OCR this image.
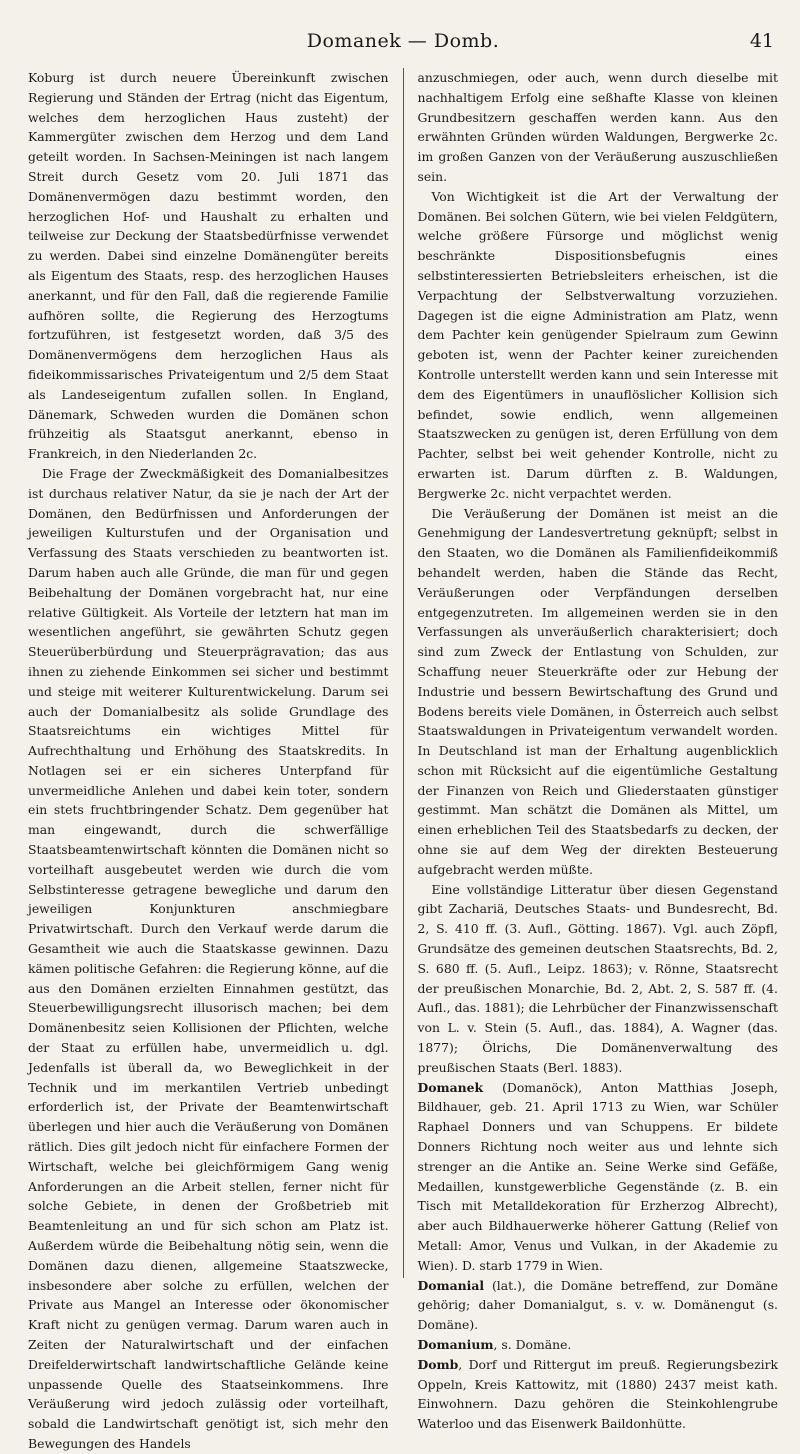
Domanek — Domb.	41

Koburg ist durch neuere Übereinkunft zwischen Regierung und Ständen der Ertrag (nicht das Eigentum, welches dem herzoglichen Haus zusteht) der Kammergüter zwischen dem Herzog und dem Land geteilt worden. In Sachsen-Meiningen ist nach langem Streit durch Gesetz vom 20. Juli 1871 das Domänenvermögen dazu bestimmt worden, den herzoglichen Hof- und Haushalt zu erhalten und teilweise zur Deckung der Staatsbedürfnisse verwendet zu werden. Dabei sind einzelne Domänengüter bereits als Eigentum des Staats, resp. des herzoglichen Hauses anerkannt, und für den Fall, daß die regierende Familie aufhören sollte, die Regierung des Herzogtums fortzuführen, ist festgesetzt worden, daß 3/5 des Domänenvermögens dem herzoglichen Haus als fideikommissarisches Privateigentum und 2/5 dem Staat als Landeseigentum zufallen sollen. In England, Dänemark, Schweden wurden die Domänen schon frühzeitig als Staatsgut anerkannt, ebenso in Frankreich, in den Niederlanden 2c.

Die Frage der Zweckmäßigkeit des Domanialbesitzes ist durchaus relativer Natur, da sie je nach der Art der Domänen, den Bedürfnissen und Anforderungen der jeweiligen Kulturstufen und der Organisation und Verfassung des Staats verschieden zu beantworten ist. Darum haben auch alle Gründe, die man für und gegen Beibehaltung der Domänen vorgebracht hat, nur eine relative Gültigkeit. Als Vorteile der letztern hat man im wesentlichen angeführt, sie gewährten Schutz gegen Steuerüberbürdung und Steuerprägravation; das aus ihnen zu ziehende Einkommen sei sicher und bestimmt und steige mit weiterer Kulturentwickelung. Darum sei auch der Domanialbesitz als solide Grundlage des Staatsreichtums ein wichtiges Mittel für Aufrechthaltung und Erhöhung des Staatskredits. In Notlagen sei er ein sicheres Unterpfand für unvermeidliche Anlehen und dabei kein toter, sondern ein stets fruchtbringender Schatz. Dem gegenüber hat man eingewandt, durch die schwerfällige Staatsbeamtenwirtschaft könnten die Domänen nicht so vorteilhaft ausgebeutet werden wie durch die vom Selbstinteresse getragene bewegliche und darum den jeweiligen Konjunkturen anschmiegbare Privatwirtschaft. Durch den Verkauf werde darum die Gesamtheit wie auch die Staatskasse gewinnen. Dazu kämen politische Gefahren: die Regierung könne, auf die aus den Domänen erzielten Einnahmen gestützt, das Steuerbewilligungsrecht illusorisch machen; bei dem Domänenbesitz seien Kollisionen der Pflichten, welche der Staat zu erfüllen habe, unvermeidlich u. dgl. Jedenfalls ist überall da, wo Beweglichkeit in der Technik und im merkantilen Vertrieb unbedingt erforderlich ist, der Private der Beamtenwirtschaft überlegen und hier auch die Veräußerung von Domänen rätlich. Dies gilt jedoch nicht für einfachere Formen der Wirtschaft, welche bei gleichförmigem Gang wenig Anforderungen an die Arbeit stellen, ferner nicht für solche Gebiete, in denen der Großbetrieb mit Beamtenleitung an und für sich schon am Platz ist. Außerdem würde die Beibehaltung nötig sein, wenn die Domänen dazu dienen, allgemeine Staatszwecke, insbesondere aber solche zu erfüllen, welchen der Private aus Mangel an Interesse oder ökonomischer Kraft nicht zu genügen vermag. Darum waren auch in Zeiten der Naturalwirtschaft und der einfachen Dreifelderwirtschaft landwirtschaftliche Gelände keine unpassende Quelle des Staatseinkommens. Ihre Veräußerung wird jedoch zulässig oder vorteilhaft, sobald die Landwirtschaft genötigt ist, sich mehr den Bewegungen des Handels

anzuschmiegen, oder auch, wenn durch dieselbe mit nachhaltigem Erfolg eine seßhafte Klasse von kleinen Grundbesitzern geschaffen werden kann. Aus den erwähnten Gründen würden Waldungen, Bergwerke 2c. im großen Ganzen von der Veräußerung auszuschließen sein.

Von Wichtigkeit ist die Art der Verwaltung der Domänen. Bei solchen Gütern, wie bei vielen Feldgütern, welche größere Fürsorge und möglichst wenig beschränkte Dispositionsbefugnis eines selbstinteressierten Betriebsleiters erheischen, ist die Verpachtung der Selbstverwaltung vorzuziehen. Dagegen ist die eigne Administration am Platz, wenn dem Pachter kein genügender Spielraum zum Gewinn geboten ist, wenn der Pachter keiner zureichenden Kontrolle unterstellt werden kann und sein Interesse mit dem des Eigentümers in unauflöslicher Kollision sich befindet, sowie endlich, wenn allgemeinen Staatszwecken zu genügen ist, deren Erfüllung von dem Pachter, selbst bei weit gehender Kontrolle, nicht zu erwarten ist. Darum dürften z. B. Waldungen, Bergwerke 2c. nicht verpachtet werden.

Die Veräußerung der Domänen ist meist an die Genehmigung der Landesvertretung geknüpft; selbst in den Staaten, wo die Domänen als Familienfideikommiß behandelt werden, haben die Stände das Recht, Veräußerungen oder Verpfändungen derselben entgegenzutreten. Im allgemeinen werden sie in den Verfassungen als unveräußerlich charakterisiert; doch sind zum Zweck der Entlastung von Schulden, zur Schaffung neuer Steuerkräfte oder zur Hebung der Industrie und bessern Bewirtschaftung des Grund und Bodens bereits viele Domänen, in Österreich auch selbst Staatswaldungen in Privateigentum verwandelt worden. In Deutschland ist man der Erhaltung augenblicklich schon mit Rücksicht auf die eigentümliche Gestaltung der Finanzen von Reich und Gliederstaaten günstiger gestimmt. Man schätzt die Domänen als Mittel, um einen erheblichen Teil des Staatsbedarfs zu decken, der ohne sie auf dem Weg der direkten Besteuerung aufgebracht werden müßte.

Eine vollständige Litteratur über diesen Gegenstand gibt Zachariä, Deutsches Staats- und Bundesrecht, Bd. 2, S. 410 ff. (3. Aufl., Götting. 1867). Vgl. auch Zöpfl, Grundsätze des gemeinen deutschen Staatsrechts, Bd. 2, S. 680 ff. (5. Aufl., Leipz. 1863); v. Rönne, Staatsrecht der preußischen Monarchie, Bd. 2, Abt. 2, S. 587 ff. (4. Aufl., das. 1881); die Lehrbücher der Finanzwissenschaft von L. v. Stein (5. Aufl., das. 1884), A. Wagner (das. 1877); Ölrichs, Die Domänenverwaltung des preußischen Staats (Berl. 1883).

Domanek (Domanöck), Anton Matthias Joseph, Bildhauer, geb. 21. April 1713 zu Wien, war Schüler Raphael Donners und van Schuppens. Er bildete Donners Richtung noch weiter aus und lehnte sich strenger an die Antike an. Seine Werke sind Gefäße, Medaillen, kunstgewerbliche Gegenstände (z. B. ein Tisch mit Metalldekoration für Erzherzog Albrecht), aber auch Bildhauerwerke höherer Gattung (Relief von Metall: Amor, Venus und Vulkan, in der Akademie zu Wien). D. starb 1779 in Wien.

Domanial (lat.), die Domäne betreffend, zur Domäne gehörig; daher Domanialgut, s. v. w. Domänengut (s. Domäne).

Domanium, s. Domäne.

Domb, Dorf und Rittergut im preuß. Regierungsbezirk Oppeln, Kreis Kattowitz, mit (1880) 2437 meist kath. Einwohnern. Dazu gehören die Steinkohlengrube Waterloo und das Eisenwerk Baildonhütte.
